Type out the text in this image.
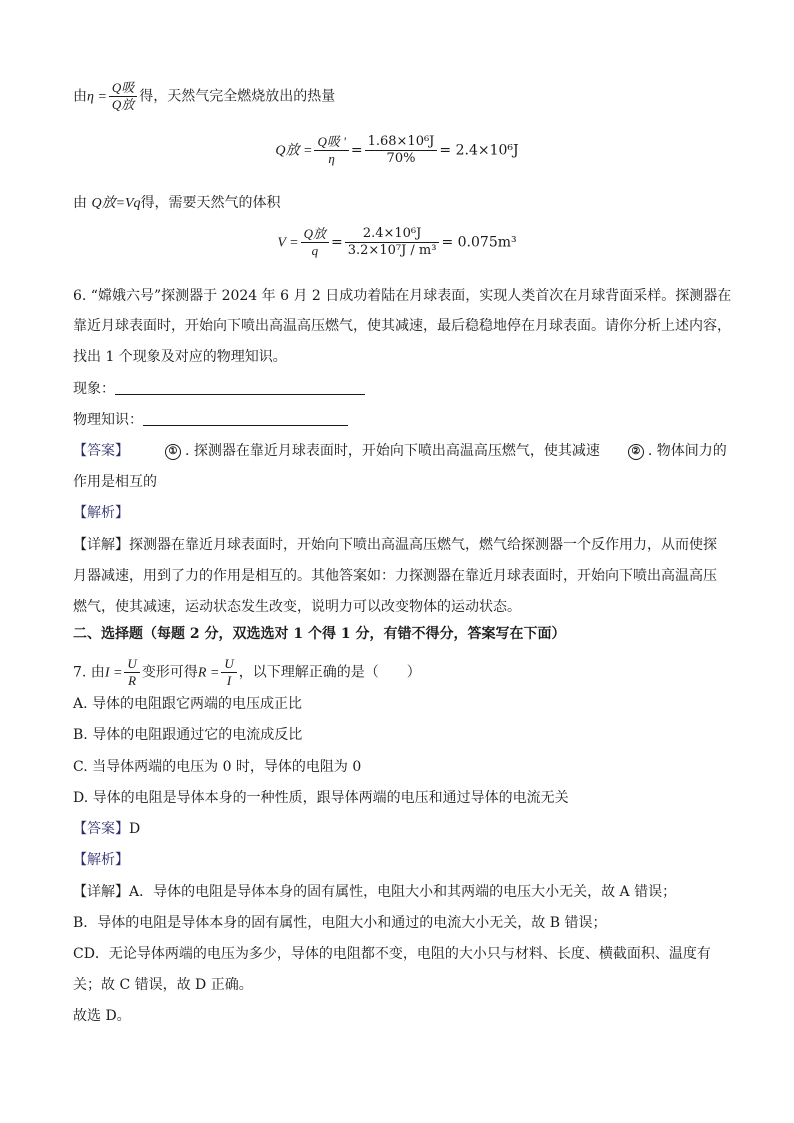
由$\eta = \frac{\text{Q吸}}{\text{Q放}}$ 得，天然气完全燃烧放出的热量
Q放 = $\frac{\text{Q吸 '}}{\eta} = \frac{\text{1.68×10⁶J}}{70\%} = 2.4\times 10^6J$
由 Q放=Vq得，需要天然气的体积
$V = \frac{\text{Q放}}{q} = \frac{\text{2.4×10⁶J}}{\text{3.2×10⁷J / m³}} = 0.075m^3$
6. “嫦娥六号”探测器于 2024 年 6 月 2 日成功着陆在月球表面，实现人类首次在月球背面采样。探测器在
靠近月球表面时，开始向下喷出高温高压燃气，使其减速，最后稳稳地停在月球表面。请你分析上述内容，
找出 1 个现象及对应的物理知识。
现象：
物理知识：
【答案】	① . 探测器在靠近月球表面时，开始向下喷出高温高压燃气，使其减速	② . 物体间力的
作用是相互的
【解析】
【详解】探测器在靠近月球表面时，开始向下喷出高温高压燃气，燃气给探测器一个反作用力，从而使探
月器减速，用到了力的作用是相互的。其他答案如：力探测器在靠近月球表面时，开始向下喷出高温高压
燃气，使其减速，运动状态发生改变，说明力可以改变物体的运动状态。
二、选择题（每题 2 分，双选选对 1 个得 1 分，有错不得分，答案写在下面）
7. 由$I = \frac{U}{R}$ 变形可得$R = \frac{U}{I}$ ，以下理解正确的是（　　）
A. 导体的电阻跟它两端的电压成正比
B. 导体的电阻跟通过它的电流成反比
C. 当导体两端的电压为 0 时，导体的电阻为 0
D. 导体的电阻是导体本身的一种性质，跟导体两端的电压和通过导体的电流无关
【答案】D
【解析】
【详解】A．导体的电阻是导体本身的固有属性，电阻大小和其两端的电压大小无关，故 A 错误；
B．导体的电阻是导体本身的固有属性，电阻大小和通过的电流大小无关，故 B 错误；
CD．无论导体两端的电压为多少，导体的电阻都不变，电阻的大小只与材料、长度、横截面积、温度有
关；故 C 错误，故 D 正确。
故选 D。
